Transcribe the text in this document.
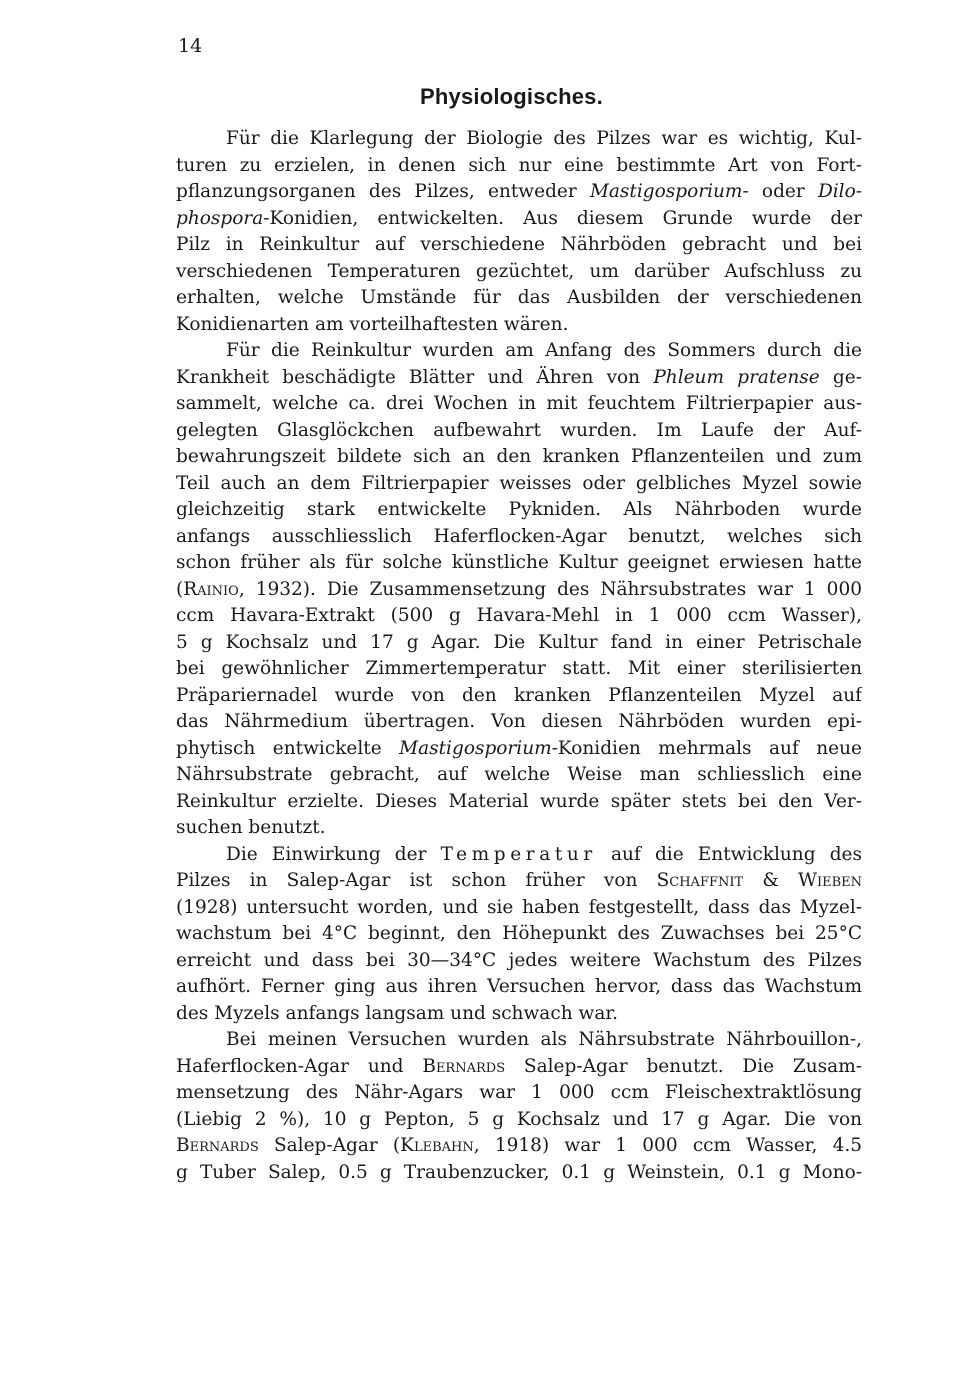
14
Physiologisches.
Für die Klarlegung der Biologie des Pilzes war es wichtig, Kul-
turen zu erzielen, in denen sich nur eine bestimmte Art von Fort-
pflanzungsorganen des Pilzes, entweder Mastigosporium- oder Dilo-
phospora-Konidien, entwickelten. Aus diesem Grunde wurde der
Pilz in Reinkultur auf verschiedene Nährböden gebracht und bei
verschiedenen Temperaturen gezüchtet, um darüber Aufschluss zu
erhalten, welche Umstände für das Ausbilden der verschiedenen
Konidienarten am vorteilhaftesten wären.
Für die Reinkultur wurden am Anfang des Sommers durch die
Krankheit beschädigte Blätter und Ähren von Phleum pratense ge-
sammelt, welche ca. drei Wochen in mit feuchtem Filtrierpapier aus-
gelegten Glasglöckchen aufbewahrt wurden. Im Laufe der Auf-
bewahrungszeit bildete sich an den kranken Pflanzenteilen und zum
Teil auch an dem Filtrierpapier weisses oder gelbliches Myzel sowie
gleichzeitig stark entwickelte Pykniden. Als Nährboden wurde
anfangs ausschliesslich Haferflocken-Agar benutzt, welches sich
schon früher als für solche künstliche Kultur geeignet erwiesen hatte
(Rainio, 1932). Die Zusammensetzung des Nährsubstrates war 1 000
ccm Havara-Extrakt (500 g Havara-Mehl in 1 000 ccm Wasser),
5 g Kochsalz und 17 g Agar. Die Kultur fand in einer Petrischale
bei gewöhnlicher Zimmertemperatur statt. Mit einer sterilisierten
Präpariernadel wurde von den kranken Pflanzenteilen Myzel auf
das Nährmedium übertragen. Von diesen Nährböden wurden epi-
phytisch entwickelte Mastigosporium-Konidien mehrmals auf neue
Nährsubstrate gebracht, auf welche Weise man schliesslich eine
Reinkultur erzielte. Dieses Material wurde später stets bei den Ver-
suchen benutzt.
Die Einwirkung der Temperatur auf die Entwicklung des
Pilzes in Salep-Agar ist schon früher von Schaffnit & Wieben
(1928) untersucht worden, und sie haben festgestellt, dass das Myzel-
wachstum bei 4°C beginnt, den Höhepunkt des Zuwachses bei 25°C
erreicht und dass bei 30—34°C jedes weitere Wachstum des Pilzes
aufhört. Ferner ging aus ihren Versuchen hervor, dass das Wachstum
des Myzels anfangs langsam und schwach war.
Bei meinen Versuchen wurden als Nährsubstrate Nährbouillon-,
Haferflocken-Agar und Bernards Salep-Agar benutzt. Die Zusam-
mensetzung des Nähr-Agars war 1 000 ccm Fleischextraktlösung
(Liebig 2 %), 10 g Pepton, 5 g Kochsalz und 17 g Agar. Die von
Bernards Salep-Agar (Klebahn, 1918) war 1 000 ccm Wasser, 4.5
g Tuber Salep, 0.5 g Traubenzucker, 0.1 g Weinstein, 0.1 g Mono-
